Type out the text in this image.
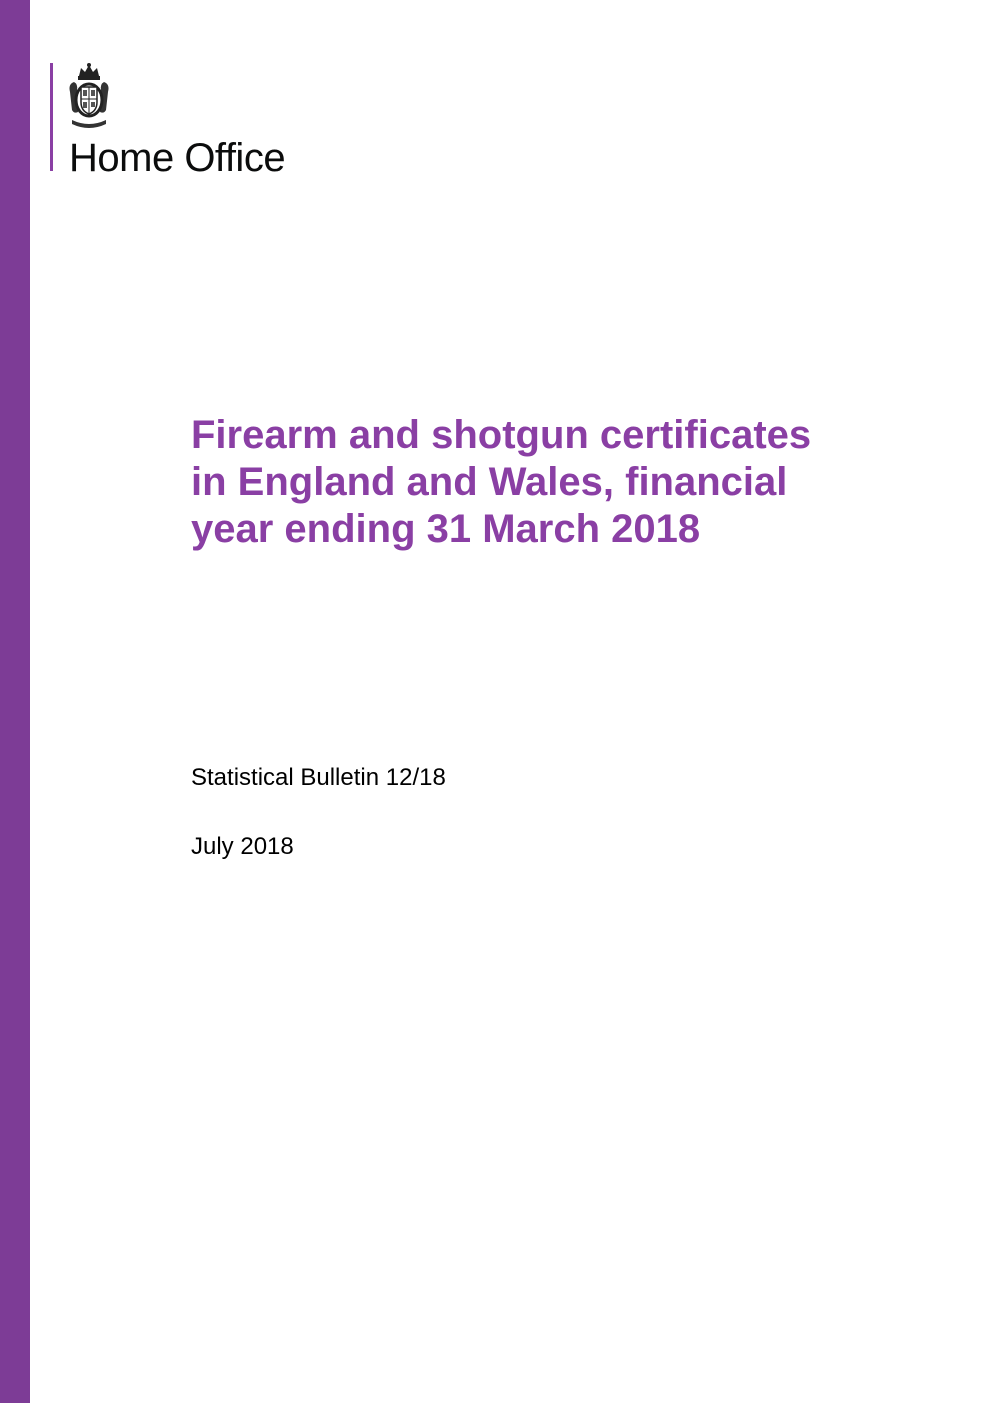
Home Office
Firearm and shotgun certificates in England and Wales, financial year ending 31 March 2018
Statistical Bulletin 12/18
July 2018
